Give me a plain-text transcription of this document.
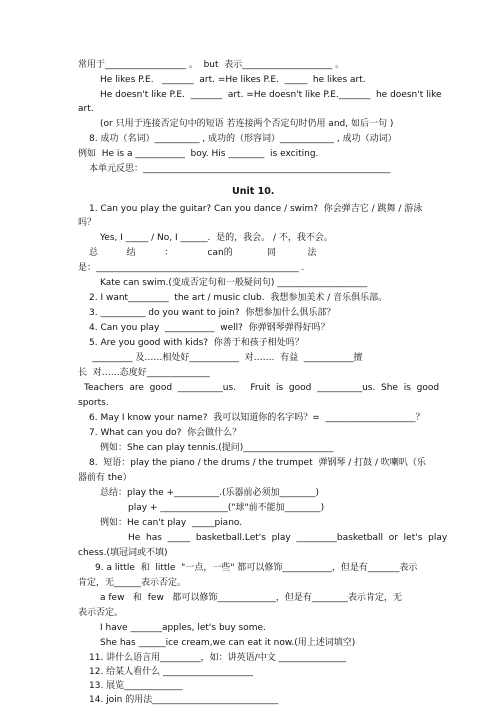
常用于__________________ 。  but  表示____________________ 。
He likes P.E.   _______  art. =He likes P.E.  _____  he likes art.
He doesn't like P.E.  _______  art. =He doesn't like P.E._______  he doesn't like
art.
(or 只用于连接否定句中的短语 若连接两个否定句时仍用 and, 如后一句 )
8. 成功（名词）__________ , 成功的（形容词）____________ , 成功（动词）
例如  He is a ___________  boy. His ________  is exciting.
本单元反思：_______________________________________________________
Unit 10.
1. Can you play the guitar? Can you dance / swim?  你会弹吉它 / 跳舞 / 游泳
吗？
Yes, I _____ / No, I ______.  是的，我会。 / 不，我不会。
总          结          ：            can的            同           法
是：_____________________________________________ .
Kate can swim.(变成否定句和一般疑问句) ____________________
2. I want_________  the art / music club.  我想参加美术 / 音乐俱乐部。
3. __________ do you want to join?  你想参加什么俱乐部？
4. Can you play  ___________  well?  你弹钢琴弹得好吗？
5. Are you good with kids?  你善于和孩子相处吗？
_________ 及……相处好___________  对…….  有益  ___________擅
长  对……态度好______________
Teachers  are  good  __________us.     Fruit  is  good  __________us.  She  is  good
sports.
6. May I know your name?  我可以知道你的名字吗？=  ____________________？
7. What can you do?  你会做什么？
例如：She can play tennis.(提问)____________________
8.  短语：play the piano / the drums / the trumpet  弹钢琴 / 打鼓 / 吹喇叭（乐
器前有 the）
总结：play the +__________.(乐器前必须加________)
play + _______________("球"前不能加________)
例如：He can't play  _____piano.
He  has  _____  basketball.Let's  play  _________basketball  or  let's  play
chess.(填冠词或不填)
9. a little  和  little  "一点，一些" 都可以修饰___________，但是有_______表示
肯定，无______表示否定。
a few   和  few   都可以修饰_____________，但是有________表示肯定，无
表示否定。
I have _______apples, let's buy some.
She has ______ice cream,we can eat it now.(用上述词填空)
11. 讲什么语言用_________，如：讲英语/中文 _______________
12. 给某人看什么 ____________________
13. 展览_____________
14. join 的用法____________________________
